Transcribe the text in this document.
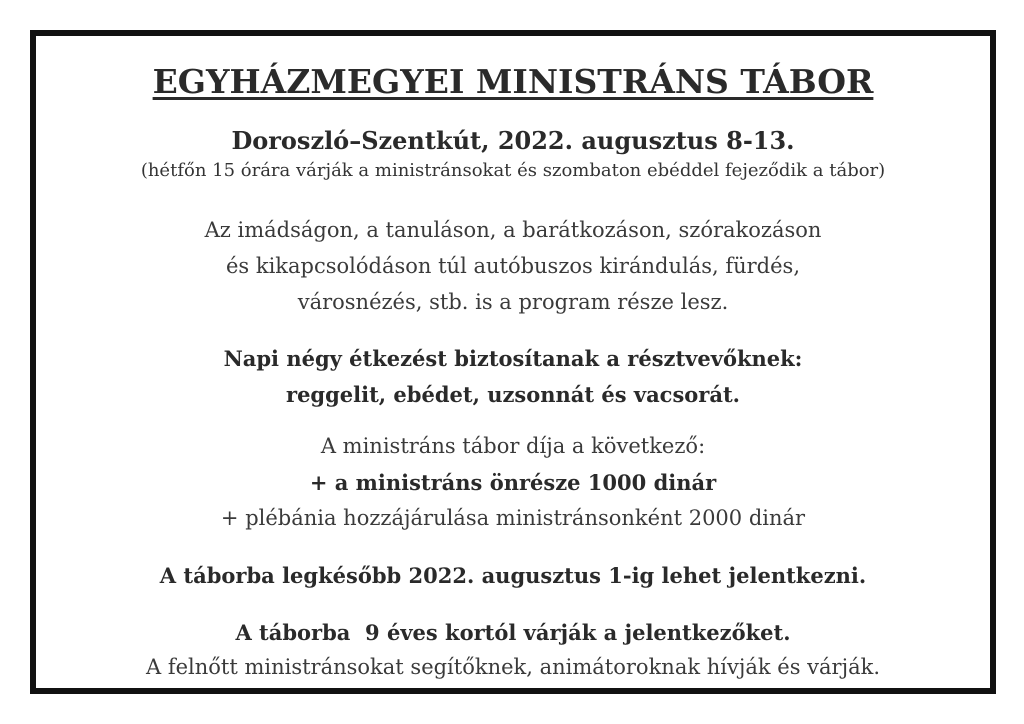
EGYHÁZMEGYEI MINISTRÁNS TÁBOR
Doroszló–Szentkút, 2022. augusztus 8-13.
(hétfőn 15 órára várják a ministránsokat és szombaton ebéddel fejeződik a tábor)
Az imádságon, a tanuláson, a barátkozáson, szórakozáson
és kikapcsolódáson túl autóbuszos kirándulás, fürdés,
városnézés, stb. is a program része lesz.
Napi négy étkezést biztosítanak a résztvevőknek:
reggelit, ebédet, uzsonnát és vacsorát.
A ministráns tábor díja a következő:
+ a ministráns önrésze 1000 dinár
+ plébánia hozzájárulása ministránsonként 2000 dinár
A táborba legkésőbb 2022. augusztus 1-ig lehet jelentkezni.
A táborba  9 éves kortól várják a jelentkezőket.
A felnőtt ministránsokat segítőknek, animátoroknak hívják és várják.
